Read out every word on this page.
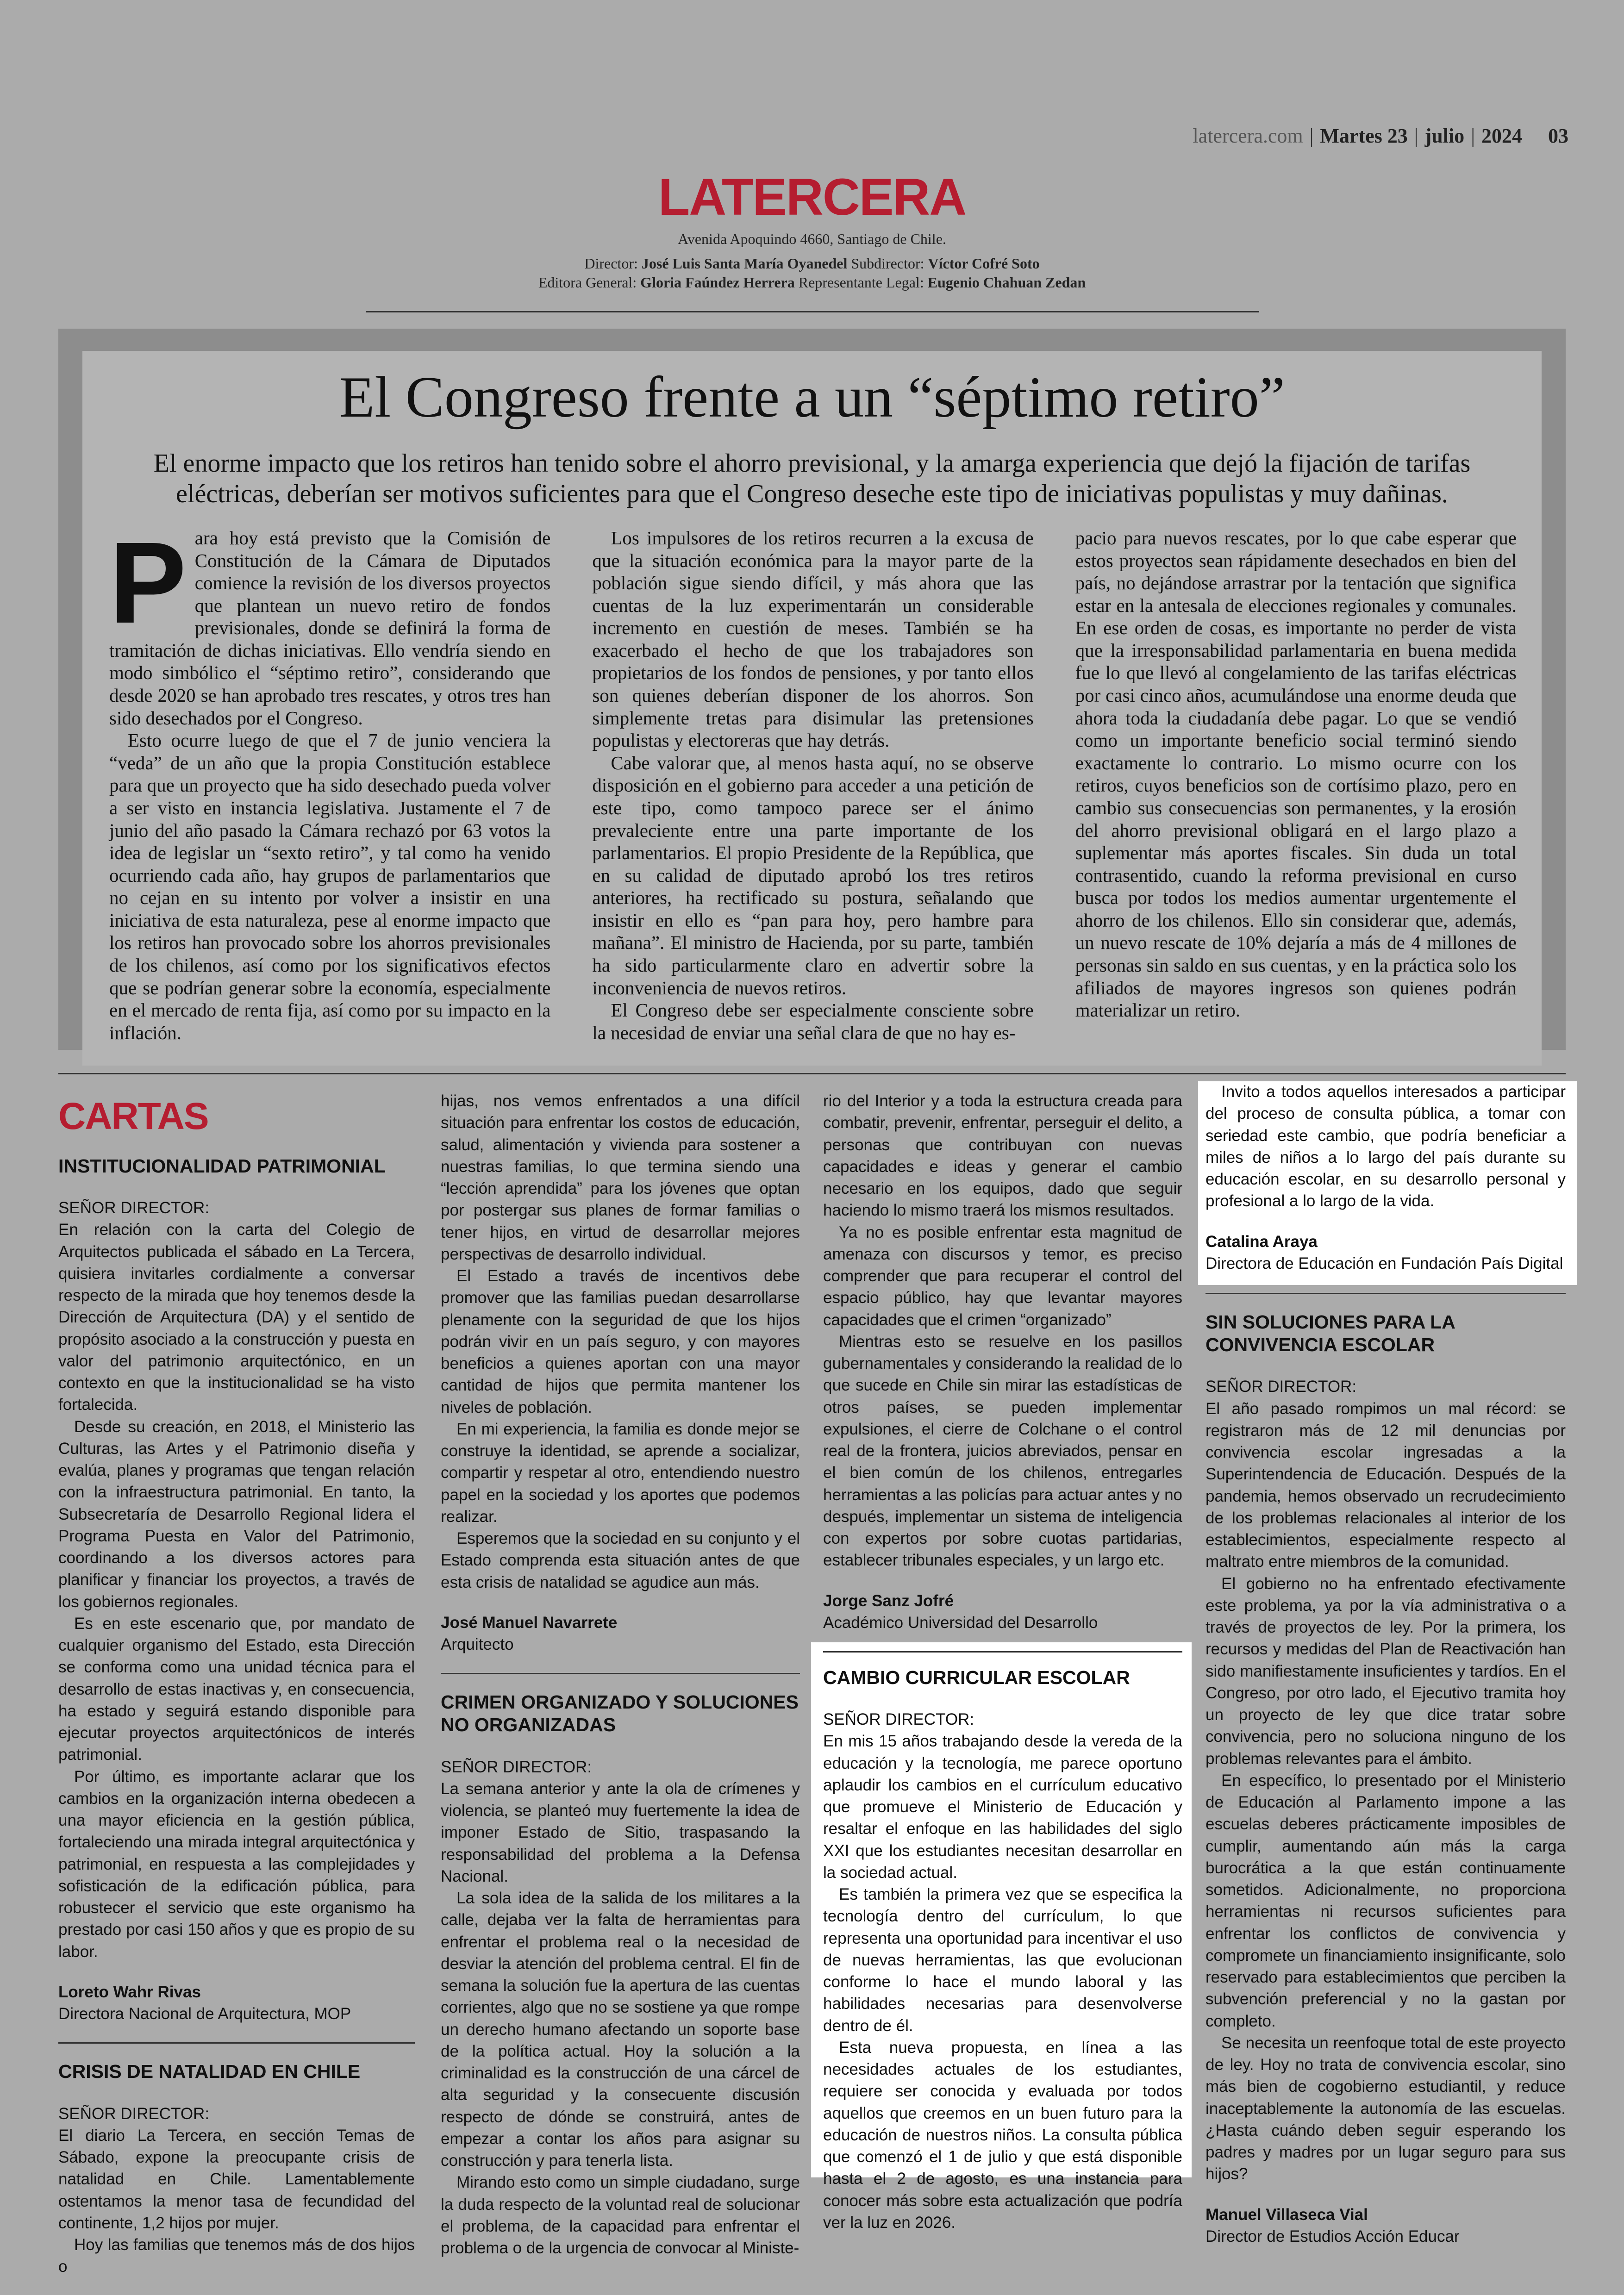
latercera.com | Martes 23 | julio | 2024 03
LATERCERA
Avenida Apoquindo 4660, Santiago de Chile.
Director: José Luis Santa María Oyanedel Subdirector: Víctor Cofré Soto
Editora General: Gloria Faúndez Herrera Representante Legal: Eugenio Chahuan Zedan
El Congreso frente a un “séptimo retiro”
El enorme impacto que los retiros han tenido sobre el ahorro previsional, y la amarga experiencia que dejó la fijación de tarifas eléctricas, deberían ser motivos suficientes para que el Congreso deseche este tipo de iniciativas populistas y muy dañinas.

Para hoy está previsto que la Comisión de Constitución de la Cámara de Diputados comience la revisión de los diversos proyectos que plantean un nuevo retiro de fondos previsionales, donde se definirá la forma de tramitación de dichas iniciativas. Ello vendría siendo en modo simbólico el “séptimo retiro”, considerando que desde 2020 se han aprobado tres rescates, y otros tres han sido desechados por el Congreso.

Esto ocurre luego de que el 7 de junio venciera la “veda” de un año que la propia Constitución establece para que un proyecto que ha sido desechado pueda volver a ser visto en instancia legislativa. Justamente el 7 de junio del año pasado la Cámara rechazó por 63 votos la idea de legislar un “sexto retiro”, y tal como ha venido ocurriendo cada año, hay grupos de parlamentarios que no cejan en su intento por volver a insistir en una iniciativa de esta naturaleza, pese al enorme impacto que los retiros han provocado sobre los ahorros previsionales de los chilenos, así como por los significativos efectos que se podrían generar sobre la economía, especialmente en el mercado de renta fija, así como por su impacto en la inflación.

Los impulsores de los retiros recurren a la excusa de que la situación económica para la mayor parte de la población sigue siendo difícil, y más ahora que las cuentas de la luz experimentarán un considerable incremento en cuestión de meses. También se ha exacerbado el hecho de que los trabajadores son propietarios de los fondos de pensiones, y por tanto ellos son quienes deberían disponer de los ahorros. Son simplemente tretas para disimular las pretensiones populistas y electoreras que hay detrás.

Cabe valorar que, al menos hasta aquí, no se observe disposición en el gobierno para acceder a una petición de este tipo, como tampoco parece ser el ánimo prevaleciente entre una parte importante de los parlamentarios. El propio Presidente de la República, que en su calidad de diputado aprobó los tres retiros anteriores, ha rectificado su postura, señalando que insistir en ello es “pan para hoy, pero hambre para mañana”. El ministro de Hacienda, por su parte, también ha sido particularmente claro en advertir sobre la inconveniencia de nuevos retiros.

El Congreso debe ser especialmente consciente sobre la necesidad de enviar una señal clara de que no hay es-

pacio para nuevos rescates, por lo que cabe esperar que estos proyectos sean rápidamente desechados en bien del país, no dejándose arrastrar por la tentación que significa estar en la antesala de elecciones regionales y comunales. En ese orden de cosas, es importante no perder de vista que la irresponsabilidad parlamentaria en buena medida fue lo que llevó al congelamiento de las tarifas eléctricas por casi cinco años, acumulándose una enorme deuda que ahora toda la ciudadanía debe pagar. Lo que se vendió como un importante beneficio social terminó siendo exactamente lo contrario. Lo mismo ocurre con los retiros, cuyos beneficios son de cortísimo plazo, pero en cambio sus consecuencias son permanentes, y la erosión del ahorro previsional obligará en el largo plazo a suplementar más aportes fiscales. Sin duda un total contrasentido, cuando la reforma previsional en curso busca por todos los medios aumentar urgentemente el ahorro de los chilenos. Ello sin considerar que, además, un nuevo rescate de 10% dejaría a más de 4 millones de personas sin saldo en sus cuentas, y en la práctica solo los afiliados de mayores ingresos son quienes podrán materializar un retiro.

CARTAS
INSTITUCIONALIDAD PATRIMONIAL
SEÑOR DIRECTOR:

En relación con la carta del Colegio de Arquitectos publicada el sábado en La Tercera, quisiera invitarles cordialmente a conversar respecto de la mirada que hoy tenemos desde la Dirección de Arquitectura (DA) y el sentido de propósito asociado a la construcción y puesta en valor del patrimonio arquitectónico, en un contexto en que la institucionalidad se ha visto fortalecida.

Desde su creación, en 2018, el Ministerio las Culturas, las Artes y el Patrimonio diseña y evalúa, planes y programas que tengan relación con la infraestructura patrimonial. En tanto, la Subsecretaría de Desarrollo Regional lidera el Programa Puesta en Valor del Patrimonio, coordinando a los diversos actores para planificar y financiar los proyectos, a través de los gobiernos regionales.

Es en este escenario que, por mandato de cualquier organismo del Estado, esta Dirección se conforma como una unidad técnica para el desarrollo de estas inactivas y, en consecuencia, ha estado y seguirá estando disponible para ejecutar proyectos arquitectónicos de interés patrimonial.

Por último, es importante aclarar que los cambios en la organización interna obedecen a una mayor eficiencia en la gestión pública, fortaleciendo una mirada integral arquitectónica y patrimonial, en respuesta a las complejidades y sofisticación de la edificación pública, para robustecer el servicio que este organismo ha prestado por casi 150 años y que es propio de su labor.

Loreto Wahr Rivas
Directora Nacional de Arquitectura, MOP
CRISIS DE NATALIDAD EN CHILE
SEÑOR DIRECTOR:

El diario La Tercera, en sección Temas de Sábado, expone la preocupante crisis de natalidad en Chile. Lamentablemente ostentamos la menor tasa de fecundidad del continente, 1,2 hijos por mujer.

Hoy las familias que tenemos más de dos hijos o

hijas, nos vemos enfrentados a una difícil situación para enfrentar los costos de educación, salud, alimentación y vivienda para sostener a nuestras familias, lo que termina siendo una “lección aprendida” para los jóvenes que optan por postergar sus planes de formar familias o tener hijos, en virtud de desarrollar mejores perspectivas de desarrollo individual.

El Estado a través de incentivos debe promover que las familias puedan desarrollarse plenamente con la seguridad de que los hijos podrán vivir en un país seguro, y con mayores beneficios a quienes aportan con una mayor cantidad de hijos que permita mantener los niveles de población.

En mi experiencia, la familia es donde mejor se construye la identidad, se aprende a socializar, compartir y respetar al otro, entendiendo nuestro papel en la sociedad y los aportes que podemos realizar.

Esperemos que la sociedad en su conjunto y el Estado comprenda esta situación antes de que esta crisis de natalidad se agudice aun más.

José Manuel Navarrete
Arquitecto
CRIMEN ORGANIZADO Y SOLUCIONES NO ORGANIZADAS
SEÑOR DIRECTOR:

La semana anterior y ante la ola de crímenes y violencia, se planteó muy fuertemente la idea de imponer Estado de Sitio, traspasando la responsabilidad del problema a la Defensa Nacional.

La sola idea de la salida de los militares a la calle, dejaba ver la falta de herramientas para enfrentar el problema real o la necesidad de desviar la atención del problema central. El fin de semana la solución fue la apertura de las cuentas corrientes, algo que no se sostiene ya que rompe un derecho humano afectando un soporte base de la política actual. Hoy la solución a la criminalidad es la construcción de una cárcel de alta seguridad y la consecuente discusión respecto de dónde se construirá, antes de empezar a contar los años para asignar su construcción y para tenerla lista.

Mirando esto como un simple ciudadano, surge la duda respecto de la voluntad real de solucionar el problema, de la capacidad para enfrentar el problema o de la urgencia de convocar al Ministe-

rio del Interior y a toda la estructura creada para combatir, prevenir, enfrentar, perseguir el delito, a personas que contribuyan con nuevas capacidades e ideas y generar el cambio necesario en los equipos, dado que seguir haciendo lo mismo traerá los mismos resultados.

Ya no es posible enfrentar esta magnitud de amenaza con discursos y temor, es preciso comprender que para recuperar el control del espacio público, hay que levantar mayores capacidades que el crimen “organizado”

Mientras esto se resuelve en los pasillos gubernamentales y considerando la realidad de lo que sucede en Chile sin mirar las estadísticas de otros países, se pueden implementar expulsiones, el cierre de Colchane o el control real de la frontera, juicios abreviados, pensar en el bien común de los chilenos, entregarles herramientas a las policías para actuar antes y no después, implementar un sistema de inteligencia con expertos por sobre cuotas partidarias, establecer tribunales especiales, y un largo etc.

Jorge Sanz Jofré
Académico Universidad del Desarrollo
CAMBIO CURRICULAR ESCOLAR
SEÑOR DIRECTOR:

En mis 15 años trabajando desde la vereda de la educación y la tecnología, me parece oportuno aplaudir los cambios en el currículum educativo que promueve el Ministerio de Educación y resaltar el enfoque en las habilidades del siglo XXI que los estudiantes necesitan desarrollar en la sociedad actual.

Es también la primera vez que se especifica la tecnología dentro del currículum, lo que representa una oportunidad para incentivar el uso de nuevas herramientas, las que evolucionan conforme lo hace el mundo laboral y las habilidades necesarias para desenvolverse dentro de él.

Esta nueva propuesta, en línea a las necesidades actuales de los estudiantes, requiere ser conocida y evaluada por todos aquellos que creemos en un buen futuro para la educación de nuestros niños. La consulta pública que comenzó el 1 de julio y que está disponible hasta el 2 de agosto, es una instancia para conocer más sobre esta actualización que podría ver la luz en 2026.

Invito a todos aquellos interesados a participar del proceso de consulta pública, a tomar con seriedad este cambio, que podría beneficiar a miles de niños a lo largo del país durante su educación escolar, en su desarrollo personal y profesional a lo largo de la vida.

Catalina Araya
Directora de Educación en Fundación País Digital
SIN SOLUCIONES PARA LA CONVIVENCIA ESCOLAR
SEÑOR DIRECTOR:

El año pasado rompimos un mal récord: se registraron más de 12 mil denuncias por convivencia escolar ingresadas a la Superintendencia de Educación. Después de la pandemia, hemos observado un recrudecimiento de los problemas relacionales al interior de los establecimientos, especialmente respecto al maltrato entre miembros de la comunidad.

El gobierno no ha enfrentado efectivamente este problema, ya por la vía administrativa o a través de proyectos de ley. Por la primera, los recursos y medidas del Plan de Reactivación han sido manifiestamente insuficientes y tardíos. En el Congreso, por otro lado, el Ejecutivo tramita hoy un proyecto de ley que dice tratar sobre convivencia, pero no soluciona ninguno de los problemas relevantes para el ámbito.

En específico, lo presentado por el Ministerio de Educación al Parlamento impone a las escuelas deberes prácticamente imposibles de cumplir, aumentando aún más la carga burocrática a la que están continuamente sometidos. Adicionalmente, no proporciona herramientas ni recursos suficientes para enfrentar los conflictos de convivencia y compromete un financiamiento insignificante, solo reservado para establecimientos que perciben la subvención preferencial y no la gastan por completo.

Se necesita un reenfoque total de este proyecto de ley. Hoy no trata de convivencia escolar, sino más bien de cogobierno estudiantil, y reduce inaceptablemente la autonomía de las escuelas. ¿Hasta cuándo deben seguir esperando los padres y madres por un lugar seguro para sus hijos?

Manuel Villaseca Vial
Director de Estudios Acción Educar
